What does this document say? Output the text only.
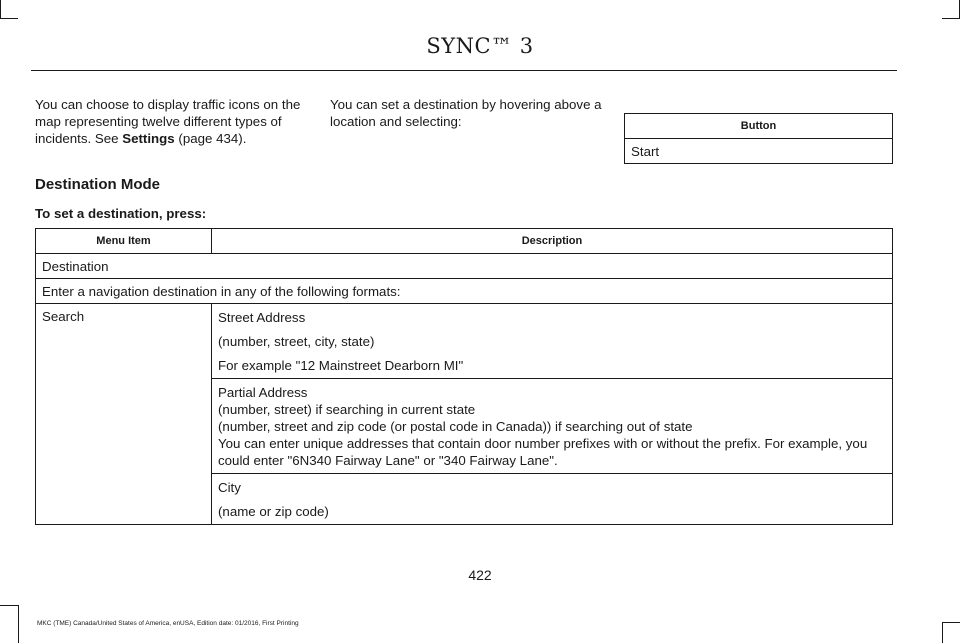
SYNC™ 3

You can choose to display traffic icons on the map representing twelve different types of incidents. See Settings (page 434).

You can set a destination by hovering above a location and selecting:	Button
Start
Destination Mode
To set a destination, press:
Menu Item	Description
Destination	
Enter a navigation destination in any of the following formats:	
Search	Street Address

(number, street, city, state)

For example "12 Mainstreet Dearborn MI"

	Partial Address

(number, street) if searching in current state

(number, street and zip code (or postal code in Canada)) if searching out of state

You can enter unique addresses that contain door number prefixes with or without the prefix. For example, you could enter "6N340 Fairway Lane" or "340 Fairway Lane".

	City

(name or zip code)

422
MKC (TME) Canada/United States of America, enUSA, Edition date: 01/2016, First Printing
